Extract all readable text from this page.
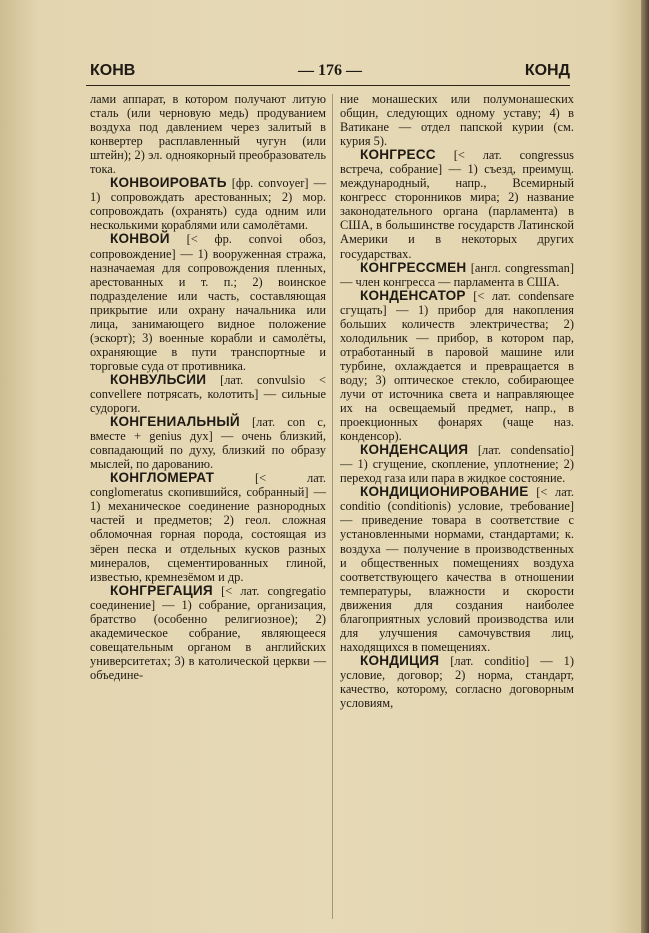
КОНВ	— 176 —	КОНД

лами аппарат, в котором получают литую сталь (или черновую медь) продуванием воздуха под давлением через залитый в конвертер расплавленный чугун (или штейн); 2) эл. одноякорный преобразователь тока.

КОНВОИРОВАТЬ [фр. convoyer] — 1) сопровождать арестованных; 2) мор. сопровождать (охранять) суда одним или несколькими кораблями или самолётами.

КОНВОЙ [< фр. convoi обоз, сопровождение] — 1) вооруженная стража, назначаемая для сопровождения пленных, арестованных и т. п.; 2) воинское подразделение или часть, составляющая прикрытие или охрану начальника или лица, занимающего видное положение (эскорт); 3) военные корабли и самолёты, охраняющие в пути транспортные и торговые суда от противника.

КОНВУЛЬСИИ [лат. convulsio < convellere потрясать, колотить] — сильные судороги.

КОНГЕНИАЛЬНЫЙ [лат. con с, вместе + genius дух] — очень близкий, совпадающий по духу, близкий по образу мыслей, по дарованию.

КОНГЛОМЕРАТ	[< лат. conglomeratus скопившийся, собранный] — 1) механическое соединение разнородных частей и предметов; 2) геол. сложная обломочная горная порода, состоящая из зёрен песка и отдельных кусков разных минералов, сцементированных глиной, известью, кремнезёмом и др.

КОНГРЕГАЦИЯ [< лат. congregatio соединение] — 1) собрание, организация, братство (особенно религиозное); 2) академическое собрание, являющееся совещательным органом в английских университетах; 3) в католической церкви — объедине-

ние монашеских или полумонашеских общин, следующих одному уставу; 4) в Ватикане — отдел папской курии (см. курия 5).

КОНГРЕСС [< лат. congressus встреча, собрание] — 1) съезд, преимущ. международный, напр., Всемирный конгресс сторонников мира; 2) название законодательного органа (парламента) в США, в большинстве государств Латинской Америки и в некоторых других государствах.

КОНГРЕССМЕН [англ. congressman] — член конгресса — парламента в США.

КОНДЕНСАТОР [< лат. condensare сгущать] — 1) прибор для накопления больших количеств электричества; 2) холодильник — прибор, в котором пар, отработанный в паровой машине или турбине, охлаждается и превращается в воду; 3) оптическое стекло, собирающее лучи от источника света и направляющее их на освещаемый предмет, напр., в проекционных фонарях (чаще наз. конденсор).

КОНДЕНСАЦИЯ [лат. condensatio] — 1) сгущение, скопление, уплотнение; 2) переход газа или пара в жидкое состояние.

КОНДИЦИОНИРОВАНИЕ [< лат. conditio (conditionis) условие, требование] — приведение товара в соответствие с установленными нормами, стандартами; к. воздуха — получение в производственных и общественных помещениях воздуха соответствующего качества в отношении температуры, влажности и скорости движения для создания наиболее благоприятных условий производства или для улучшения самочувствия лиц, находящихся в помещениях.

КОНДИЦИЯ [лат. conditio] — 1) условие, договор; 2) норма, стандарт, качество, которому, согласно договорным условиям,
